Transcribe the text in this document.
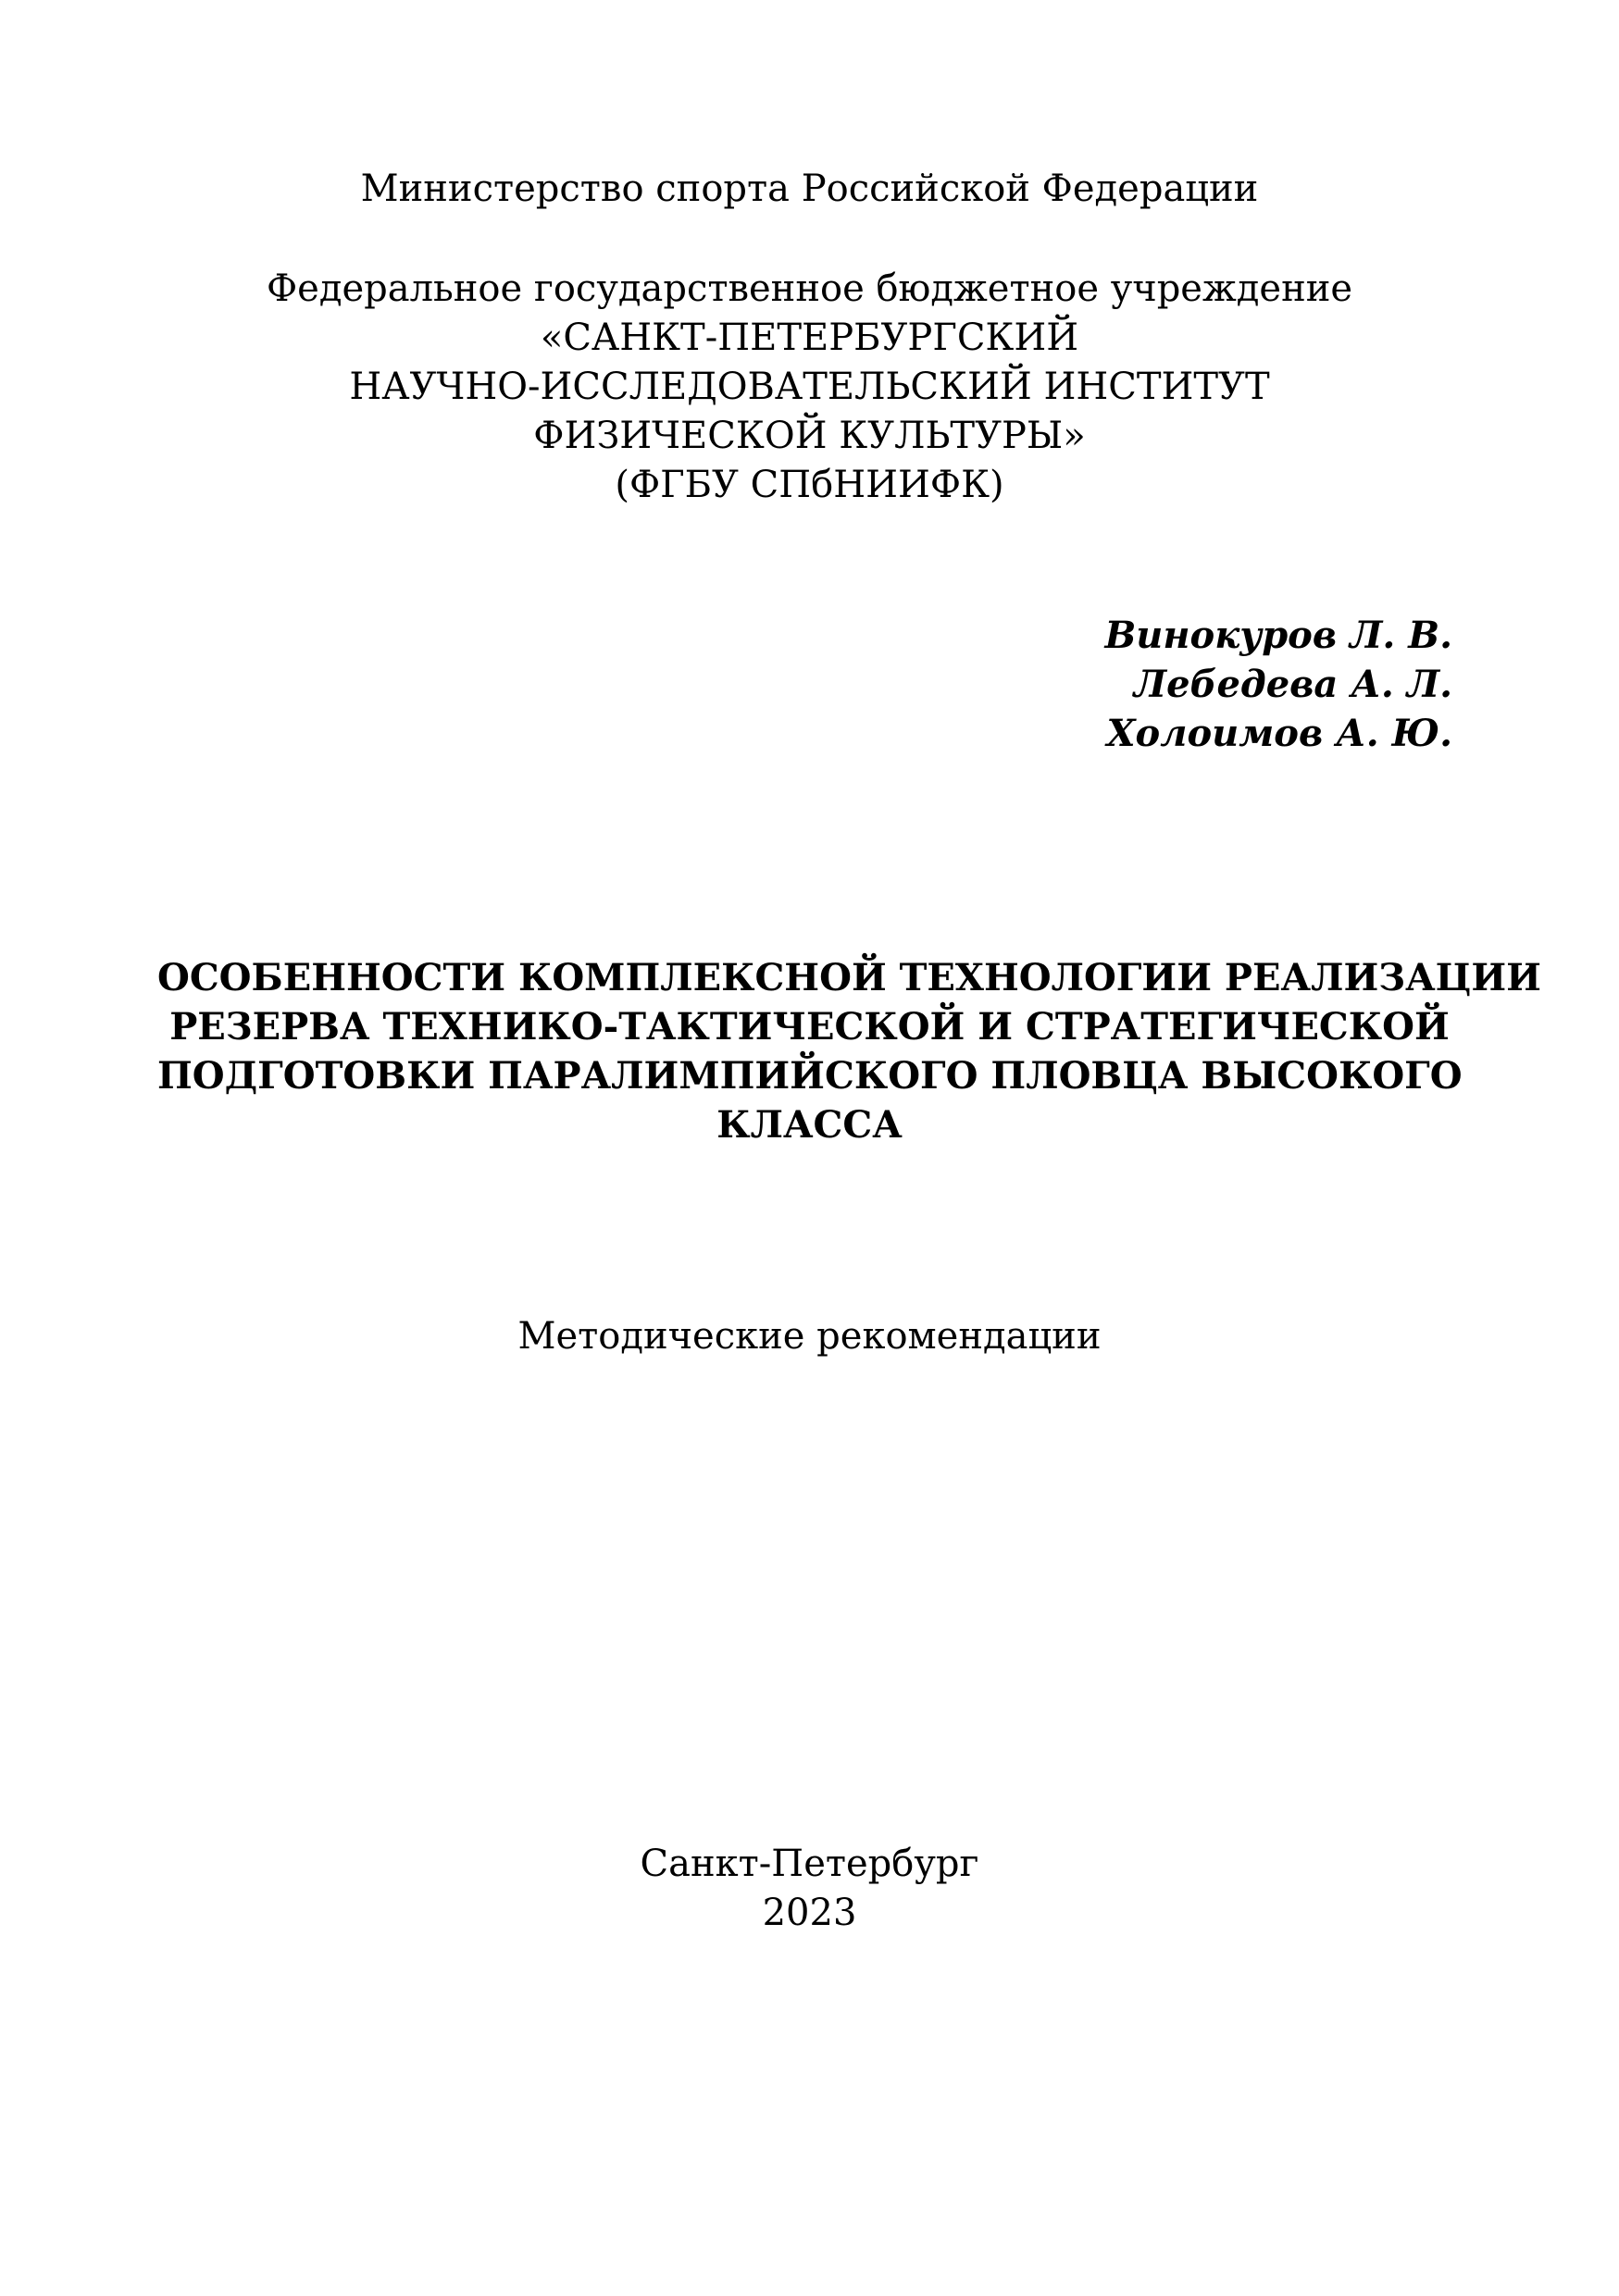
Министерство спорта Российской Федерации
Федеральное государственное бюджетное учреждение
«САНКТ-ПЕТЕРБУРГСКИЙ
НАУЧНО-ИССЛЕДОВАТЕЛЬСКИЙ ИНСТИТУТ
ФИЗИЧЕСКОЙ КУЛЬТУРЫ»
(ФГБУ СПбНИИФК)
Винокуров Л. В.
Лебедева А. Л.
Холоимов А. Ю.
ОСОБЕННОСТИ КОМПЛЕКСНОЙ ТЕХНОЛОГИИ РЕАЛИЗАЦИИ
РЕЗЕРВА ТЕХНИКО-ТАКТИЧЕСКОЙ И СТРАТЕГИЧЕСКОЙ
ПОДГОТОВКИ ПАРАЛИМПИЙСКОГО ПЛОВЦА ВЫСОКОГО
КЛАССА
Методические рекомендации
Санкт-Петербург
2023
